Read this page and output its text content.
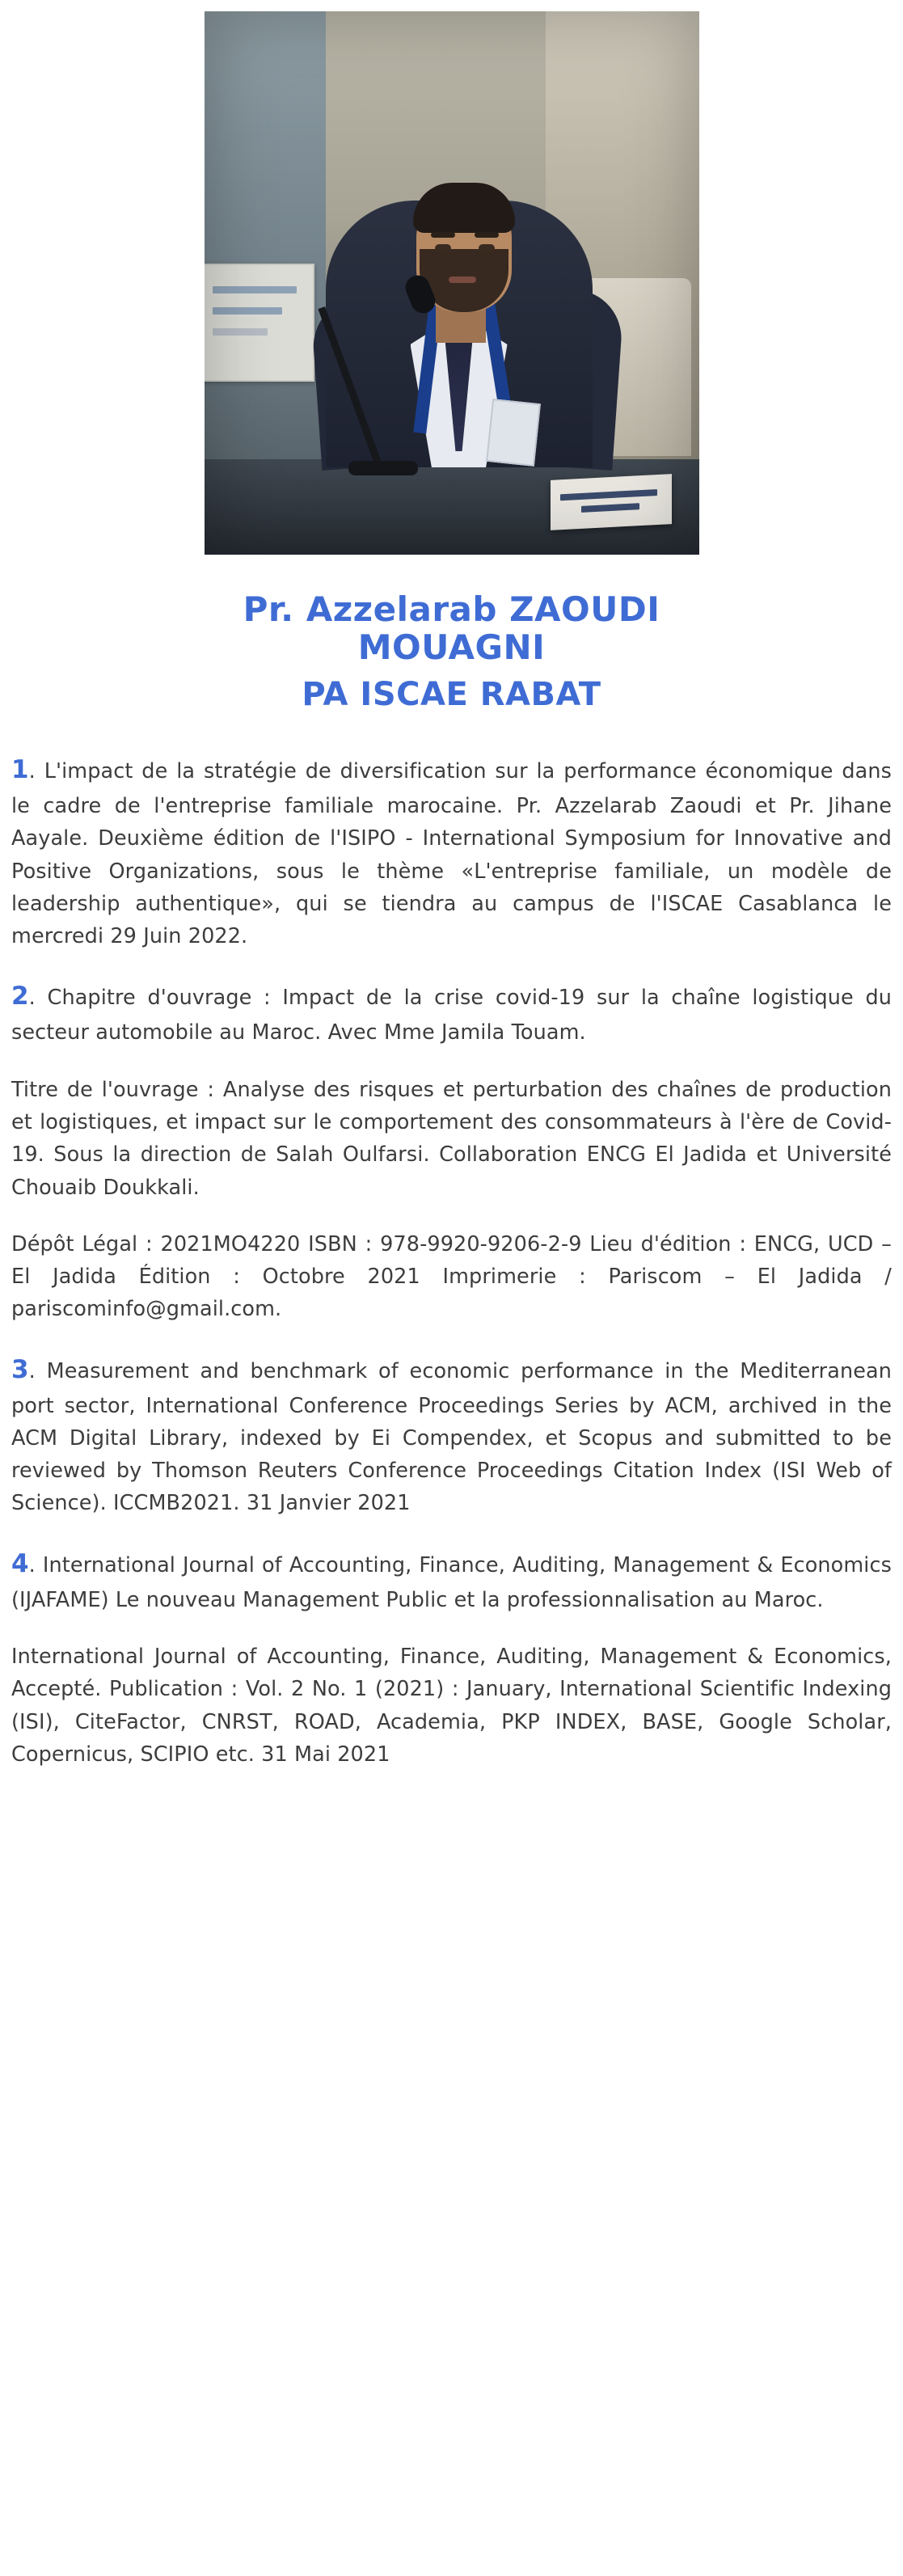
Pr. Azzelarab ZAOUDI
MOUAGNI
PA ISCAE RABAT

1. L'impact de la stratégie de diversification sur la performance économique dans le cadre de l'entreprise familiale marocaine. Pr. Azzelarab Zaoudi et Pr. Jihane Aayale. Deuxième édition de l'ISIPO - International Symposium for Innovative and Positive Organizations, sous le thème «L'entreprise familiale, un modèle de leadership authentique», qui se tiendra au campus de l'ISCAE Casablanca le mercredi 29 Juin 2022.

2. Chapitre d'ouvrage : Impact de la crise covid-19 sur la chaîne logistique du secteur automobile au Maroc. Avec Mme Jamila Touam.

Titre de l'ouvrage : Analyse des risques et perturbation des chaînes de production et logistiques, et impact sur le comportement des consommateurs à l'ère de Covid-19. Sous la direction de Salah Oulfarsi. Collaboration ENCG El Jadida et Université Chouaib Doukkali.

Dépôt Légal : 2021MO4220 ISBN : 978-9920-9206-2-9 Lieu d'édition : ENCG, UCD –El Jadida Édition : Octobre 2021 Imprimerie : Pariscom – El Jadida / pariscominfo@gmail.com.

3. Measurement and benchmark of economic performance in the Mediterranean port sector, International Conference Proceedings Series by ACM, archived in the ACM Digital Library, indexed by Ei Compendex, et Scopus and submitted to be reviewed by Thomson Reuters Conference Proceedings Citation Index (ISI Web of Science). ICCMB2021. 31 Janvier 2021

4. International Journal of Accounting, Finance, Auditing, Management & Economics (IJAFAME) Le nouveau Management Public et la professionnalisation au Maroc.

International Journal of Accounting, Finance, Auditing, Management & Economics, Accepté. Publication : Vol. 2 No. 1 (2021) : January, International Scientific Indexing (ISI), CiteFactor, CNRST, ROAD, Academia, PKP INDEX, BASE, Google Scholar, Copernicus, SCIPIO etc. 31 Mai 2021
